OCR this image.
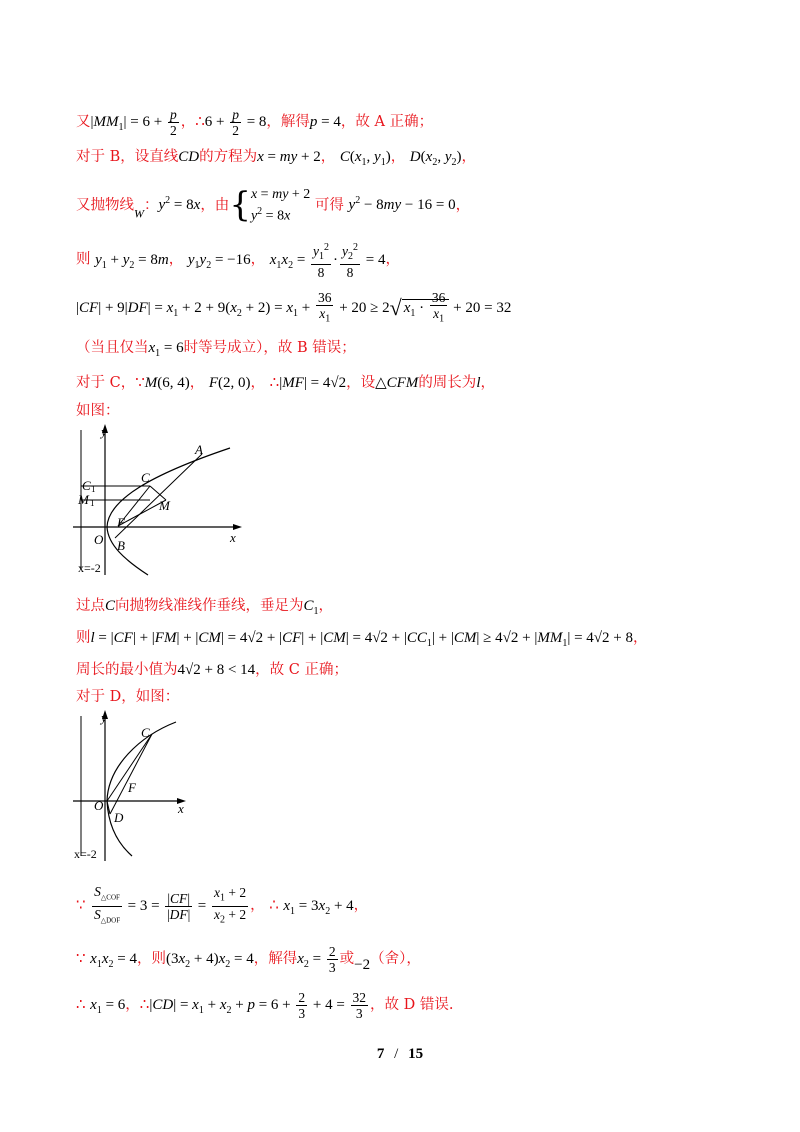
又$|MM_1| = 6 + \frac{p}{2}$ ，∴6 + $\frac{p}{2} = 8$，解得p = 4，故 A 正确；
对于 B，设直线CD的方程为x = my + 2， $C(x_1$, $y_1$)， $D(x_2$, $y_2$)，
又抛物线$_W$：$y^2 = 8x$，由{ x = my + 2
$y^2 = 8x$
可得 $y^2 - 8my - 16 = 0$，
则 $y_1 + y_2 = 8m$， $y_1y_2 = -16$， $x_1x_2 = \frac{y_1^2}{8} \cdot \frac{y_2^2}{8} = 4$，
$|CF| + 9|DF| = x_1 + 2 + 9(x_2 + 2) = x_1 + \frac{36}{x_1} + 20 \ge 2√$ $x_1 \cdot \frac{36}{x_1} + 20 = 32$
（当且仅当$x_1 = 6$时等号成立），故 B 错误；
对于 C，∵M(6, 4)， F(2, 0)， ∴|MF| = 4√2，设△CFM的周长为l，
如图：
y
x
A
C
C 1
M 1	M
F
O B
x=-2
过点C向抛物线准线作垂线，垂足为$C_1$，
则$l = |CF| + |FM| + |CM| = 4√2 + |CF| + |CM| = 4√2 + |CC_1| + |CM| \ge 4√2 + |MM_1| = 4√2 + 8$，
周长的最小值为4√2 + 8 < 14，故 C 正确；
对于 D，如图：
y
x
C
F
O
D
x=-2
∵ $\frac{S_{\triangle COF}}{S_{\triangle DOF}} = 3 = \frac{|CF|}{|DF|} = \frac{x_1 + 2}{x_2 + 2}$ ， ∴ $x_1 = 3x_2 + 4$，
∵ $x_1x_2 = 4$，则$(3x_2 + 4)x_2 = 4$，解得$x_2 = \frac{2}{3}$ 或−2（舍），
∴ $x_1 = 6$，∴|CD| = $x_1 + x_2 + p = 6 + \frac{2}{3} + 4 = \frac{32}{3}$ ，故 D 错误.
7 / 15
